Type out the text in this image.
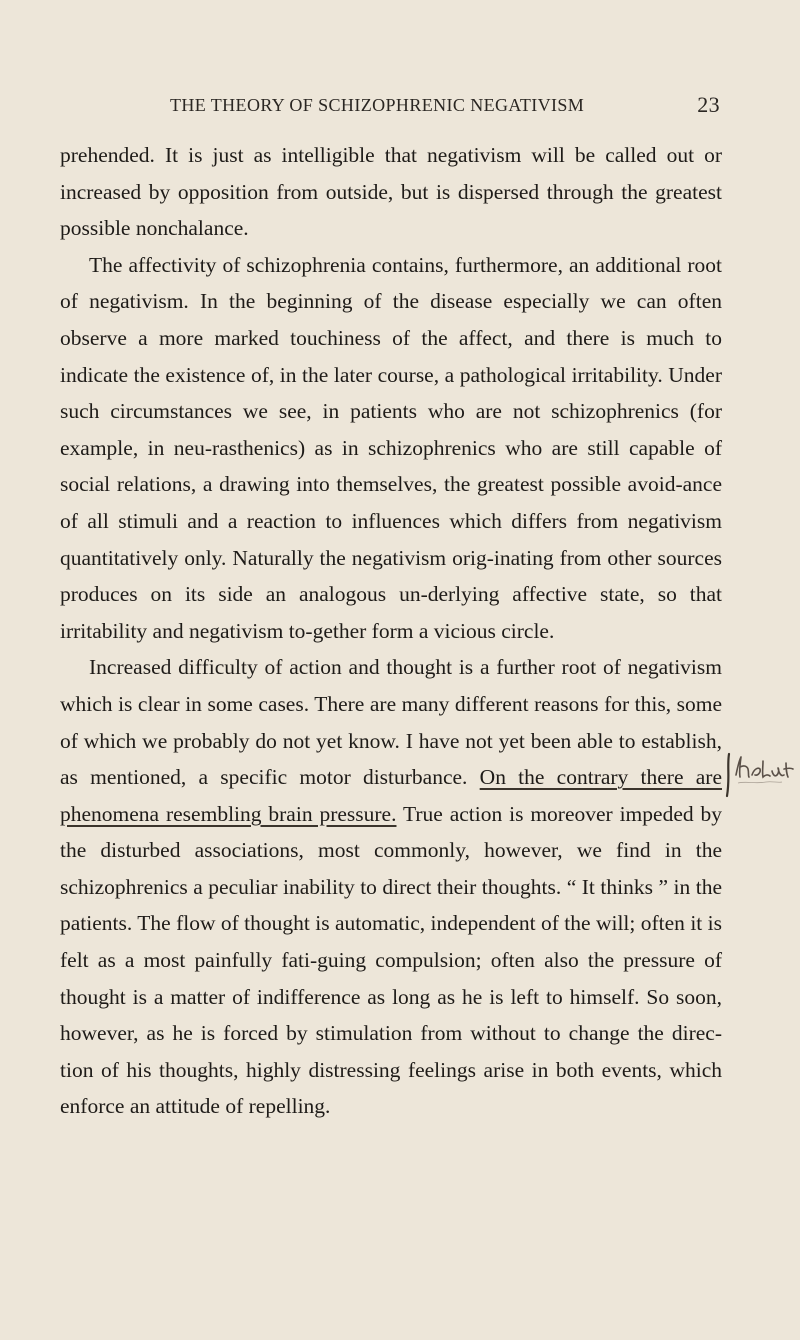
THE THEORY OF SCHIZOPHRENIC NEGATIVISM	23

prehended. It is just as intelligible that negativism will be called out or increased by opposition from outside, but is dispersed through the greatest possible nonchalance.

The affectivity of schizophrenia contains, furthermore, an additional root of negativism. In the beginning of the disease especially we can often observe a more marked touchiness of the affect, and there is much to indicate the existence of, in the later course, a pathological irritability. Under such circumstances we see, in patients who are not schizophrenics (for example, in neu-rasthenics) as in schizophrenics who are still capable of social relations, a drawing into themselves, the greatest possible avoid-ance of all stimuli and a reaction to influences which differs from negativism quantitatively only. Naturally the negativism orig-inating from other sources produces on its side an analogous un-derlying affective state, so that irritability and negativism to-gether form a vicious circle.

Increased difficulty of action and thought is a further root of negativism which is clear in some cases. There are many different reasons for this, some of which we probably do not yet know. I have not yet been able to establish, as mentioned, a specific motor disturbance. On the contrary there are phenomena resembling brain pressure. True action is moreover impeded by the disturbed associations, most commonly, however, we find in the schizophrenics a peculiar inability to direct their thoughts. “ It thinks ” in the patients. The flow of thought is automatic, independent of the will; often it is felt as a most painfully fati-guing compulsion; often also the pressure of thought is a matter of indifference as long as he is left to himself. So soon, however, as he is forced by stimulation from without to change the direc-tion of his thoughts, highly distressing feelings arise in both events, which enforce an attitude of repelling.
